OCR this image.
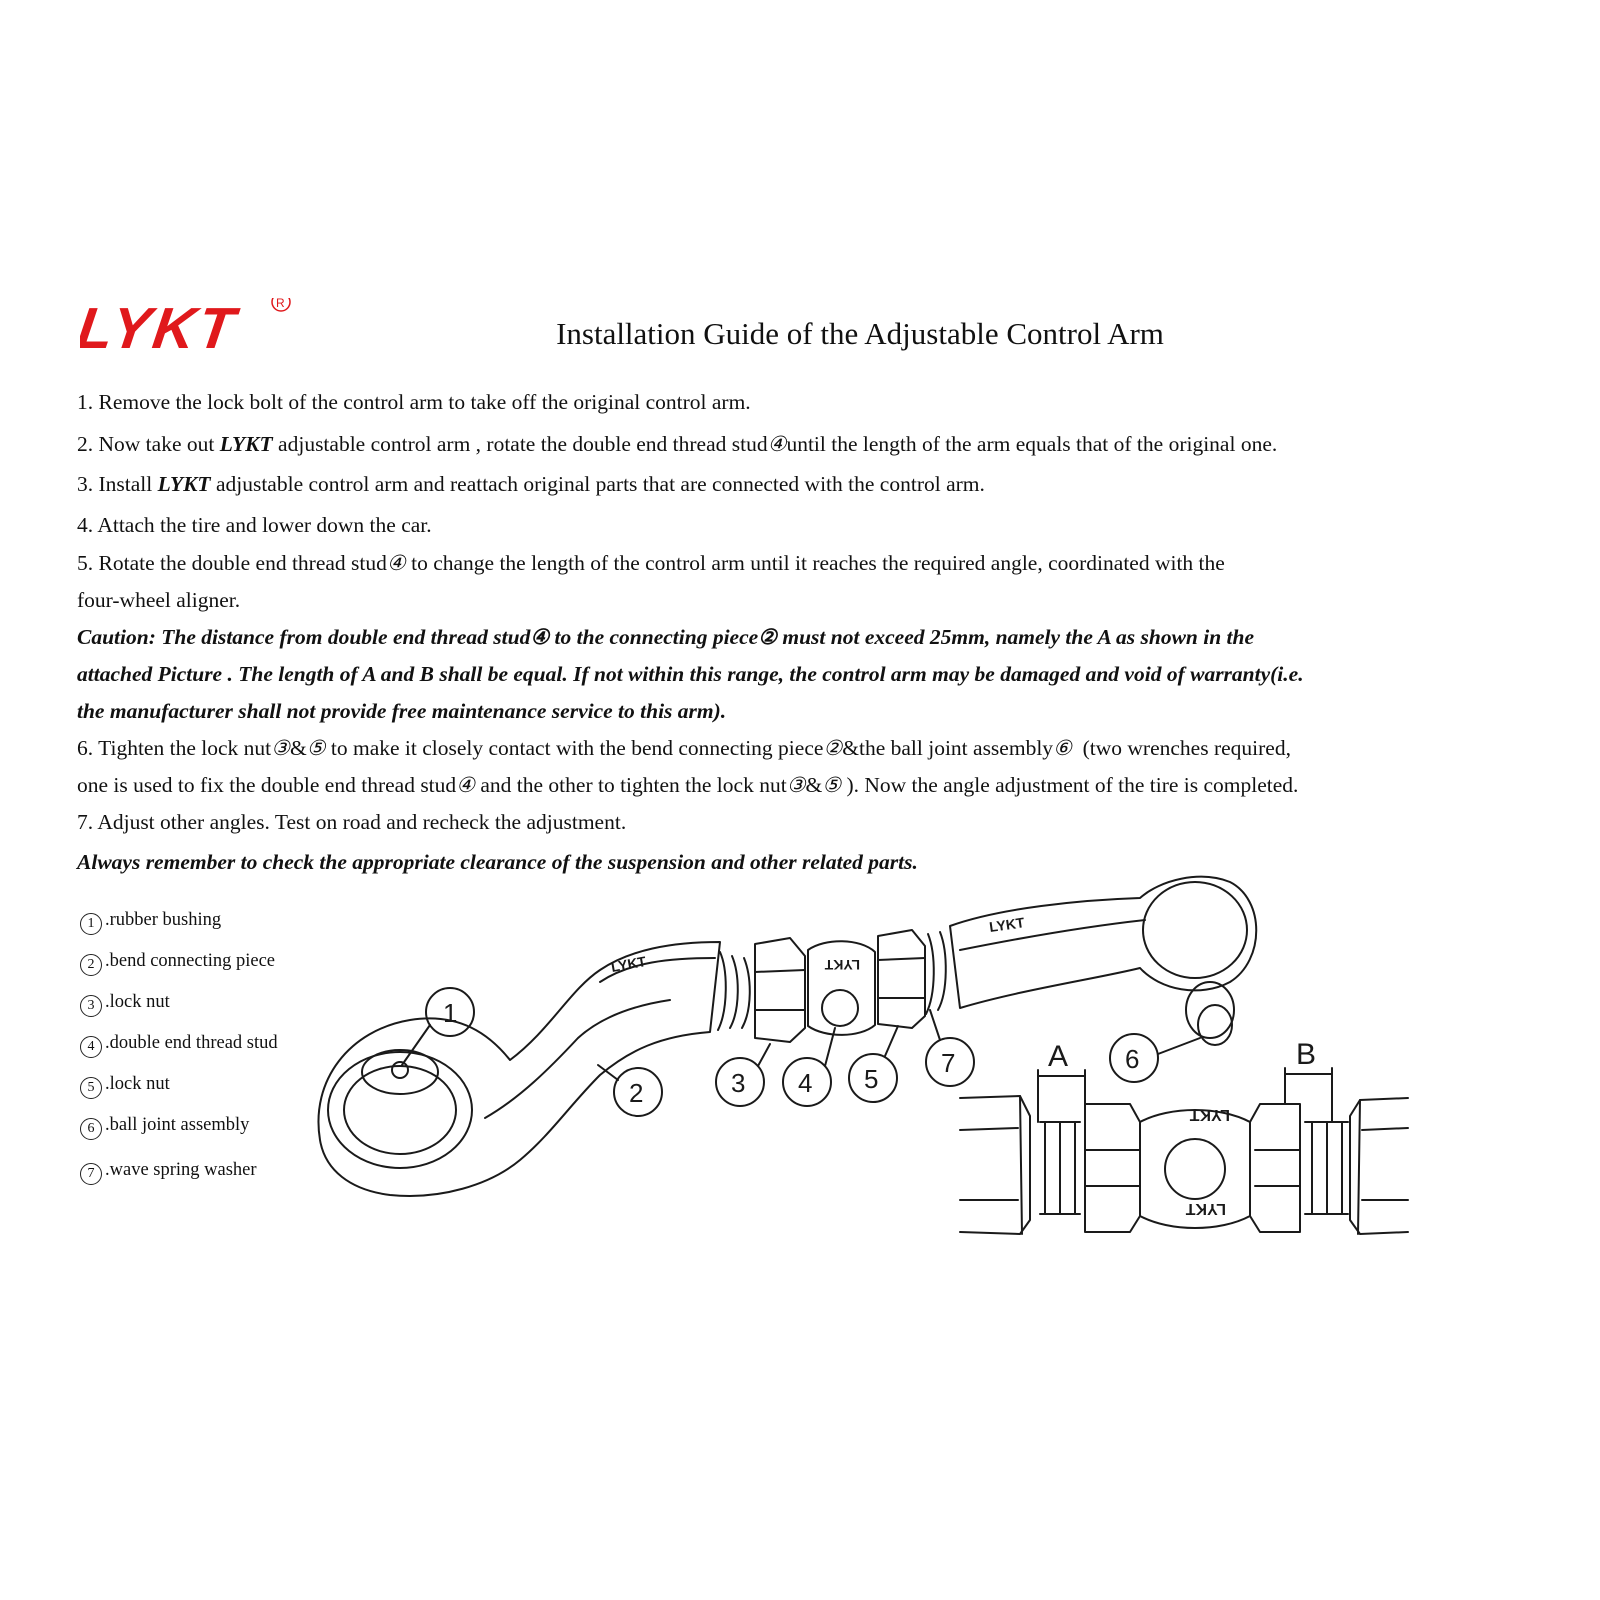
LYKT	R
Installation Guide of the Adjustable Control Arm
1. Remove the lock bolt of the control arm to take off the original control arm.
2. Now take out LYKT adjustable control arm , rotate the double end thread stud④until the length of the arm equals that of the original one.
3. Install LYKT adjustable control arm and reattach original parts that are connected with the control arm.
4. Attach the tire and lower down the car.
5. Rotate the double end thread stud④ to change the length of the control arm until it reaches the required angle, coordinated with the
four-wheel aligner.
Caution: The distance from double end thread stud④ to the connecting piece② must not exceed 25mm, namely the A as shown in the
attached Picture . The length of A and B shall be equal. If not within this range, the control arm may be damaged and void of warranty(i.e.
the manufacturer shall not provide free maintenance service to this arm).
6. Tighten the lock nut③&⑤ to make it closely contact with the bend connecting piece②&the ball joint assembly⑥  (two wrenches required,
one is used to fix the double end thread stud④ and the other to tighten the lock nut③&⑤ ). Now the angle adjustment of the tire is completed.
7. Adjust other angles. Test on road and recheck the adjustment.
Always remember to check the appropriate clearance of the suspension and other related parts.
1 .rubber bushing
2 .bend connecting piece
3 .lock nut
4 .double end thread stud
5 .lock nut
6 .ball joint assembly
7 .wave spring washer
LYKT	LYKT
LYKT
1
2	3 4 5
6
7
LYKT
LYKT
A	B
